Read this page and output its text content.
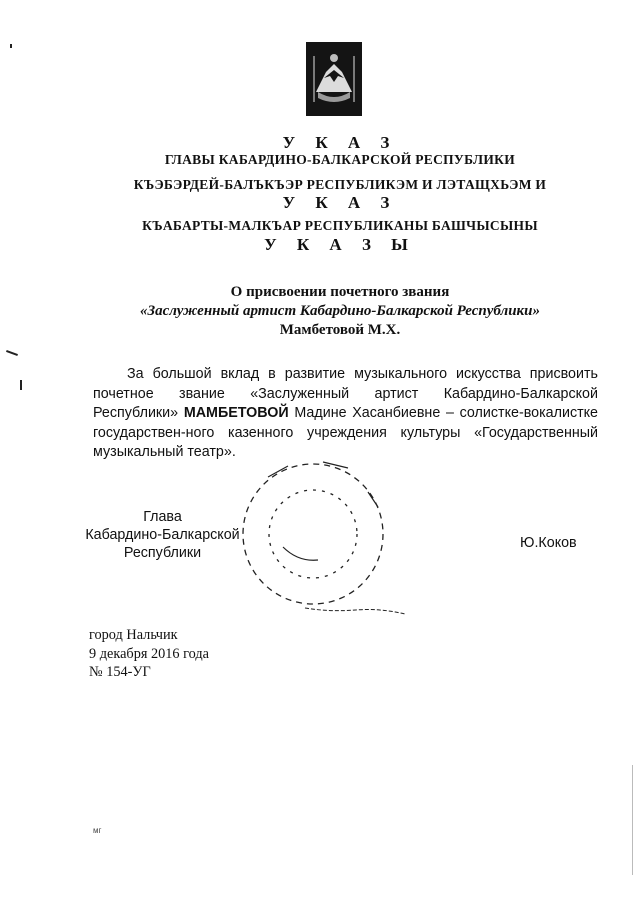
У К А З
ГЛАВЫ КАБАРДИНО-БАЛКАРСКОЙ РЕСПУБЛИКИ
КЪЭБЭРДЕЙ-БАЛЪКЪЭР РЕСПУБЛИКЭМ И ЛЭТАЩХЬЭМ И
У К А З
КЪАБАРТЫ-МАЛКЪАР РЕСПУБЛИКАНЫ БАШЧЫСЫНЫ
У К А З Ы
О присвоении почетного звания
«Заслуженный артист Кабардино-Балкарской Республики»
Мамбетовой М.Х.
За большой вклад в развитие музыкального искусства присвоить почетное звание «Заслуженный артист Кабардино-Балкарской Республики» МАМБЕТОВОЙ Мадине Хасанбиевне – солистке-вокалистке государствен-ного казенного учреждения культуры «Государственный музыкальный театр».
Глава
Кабардино-Балкарской
Республики
Ю.Коков
город Нальчик
9 декабря 2016 года
№ 154-УГ
мг
